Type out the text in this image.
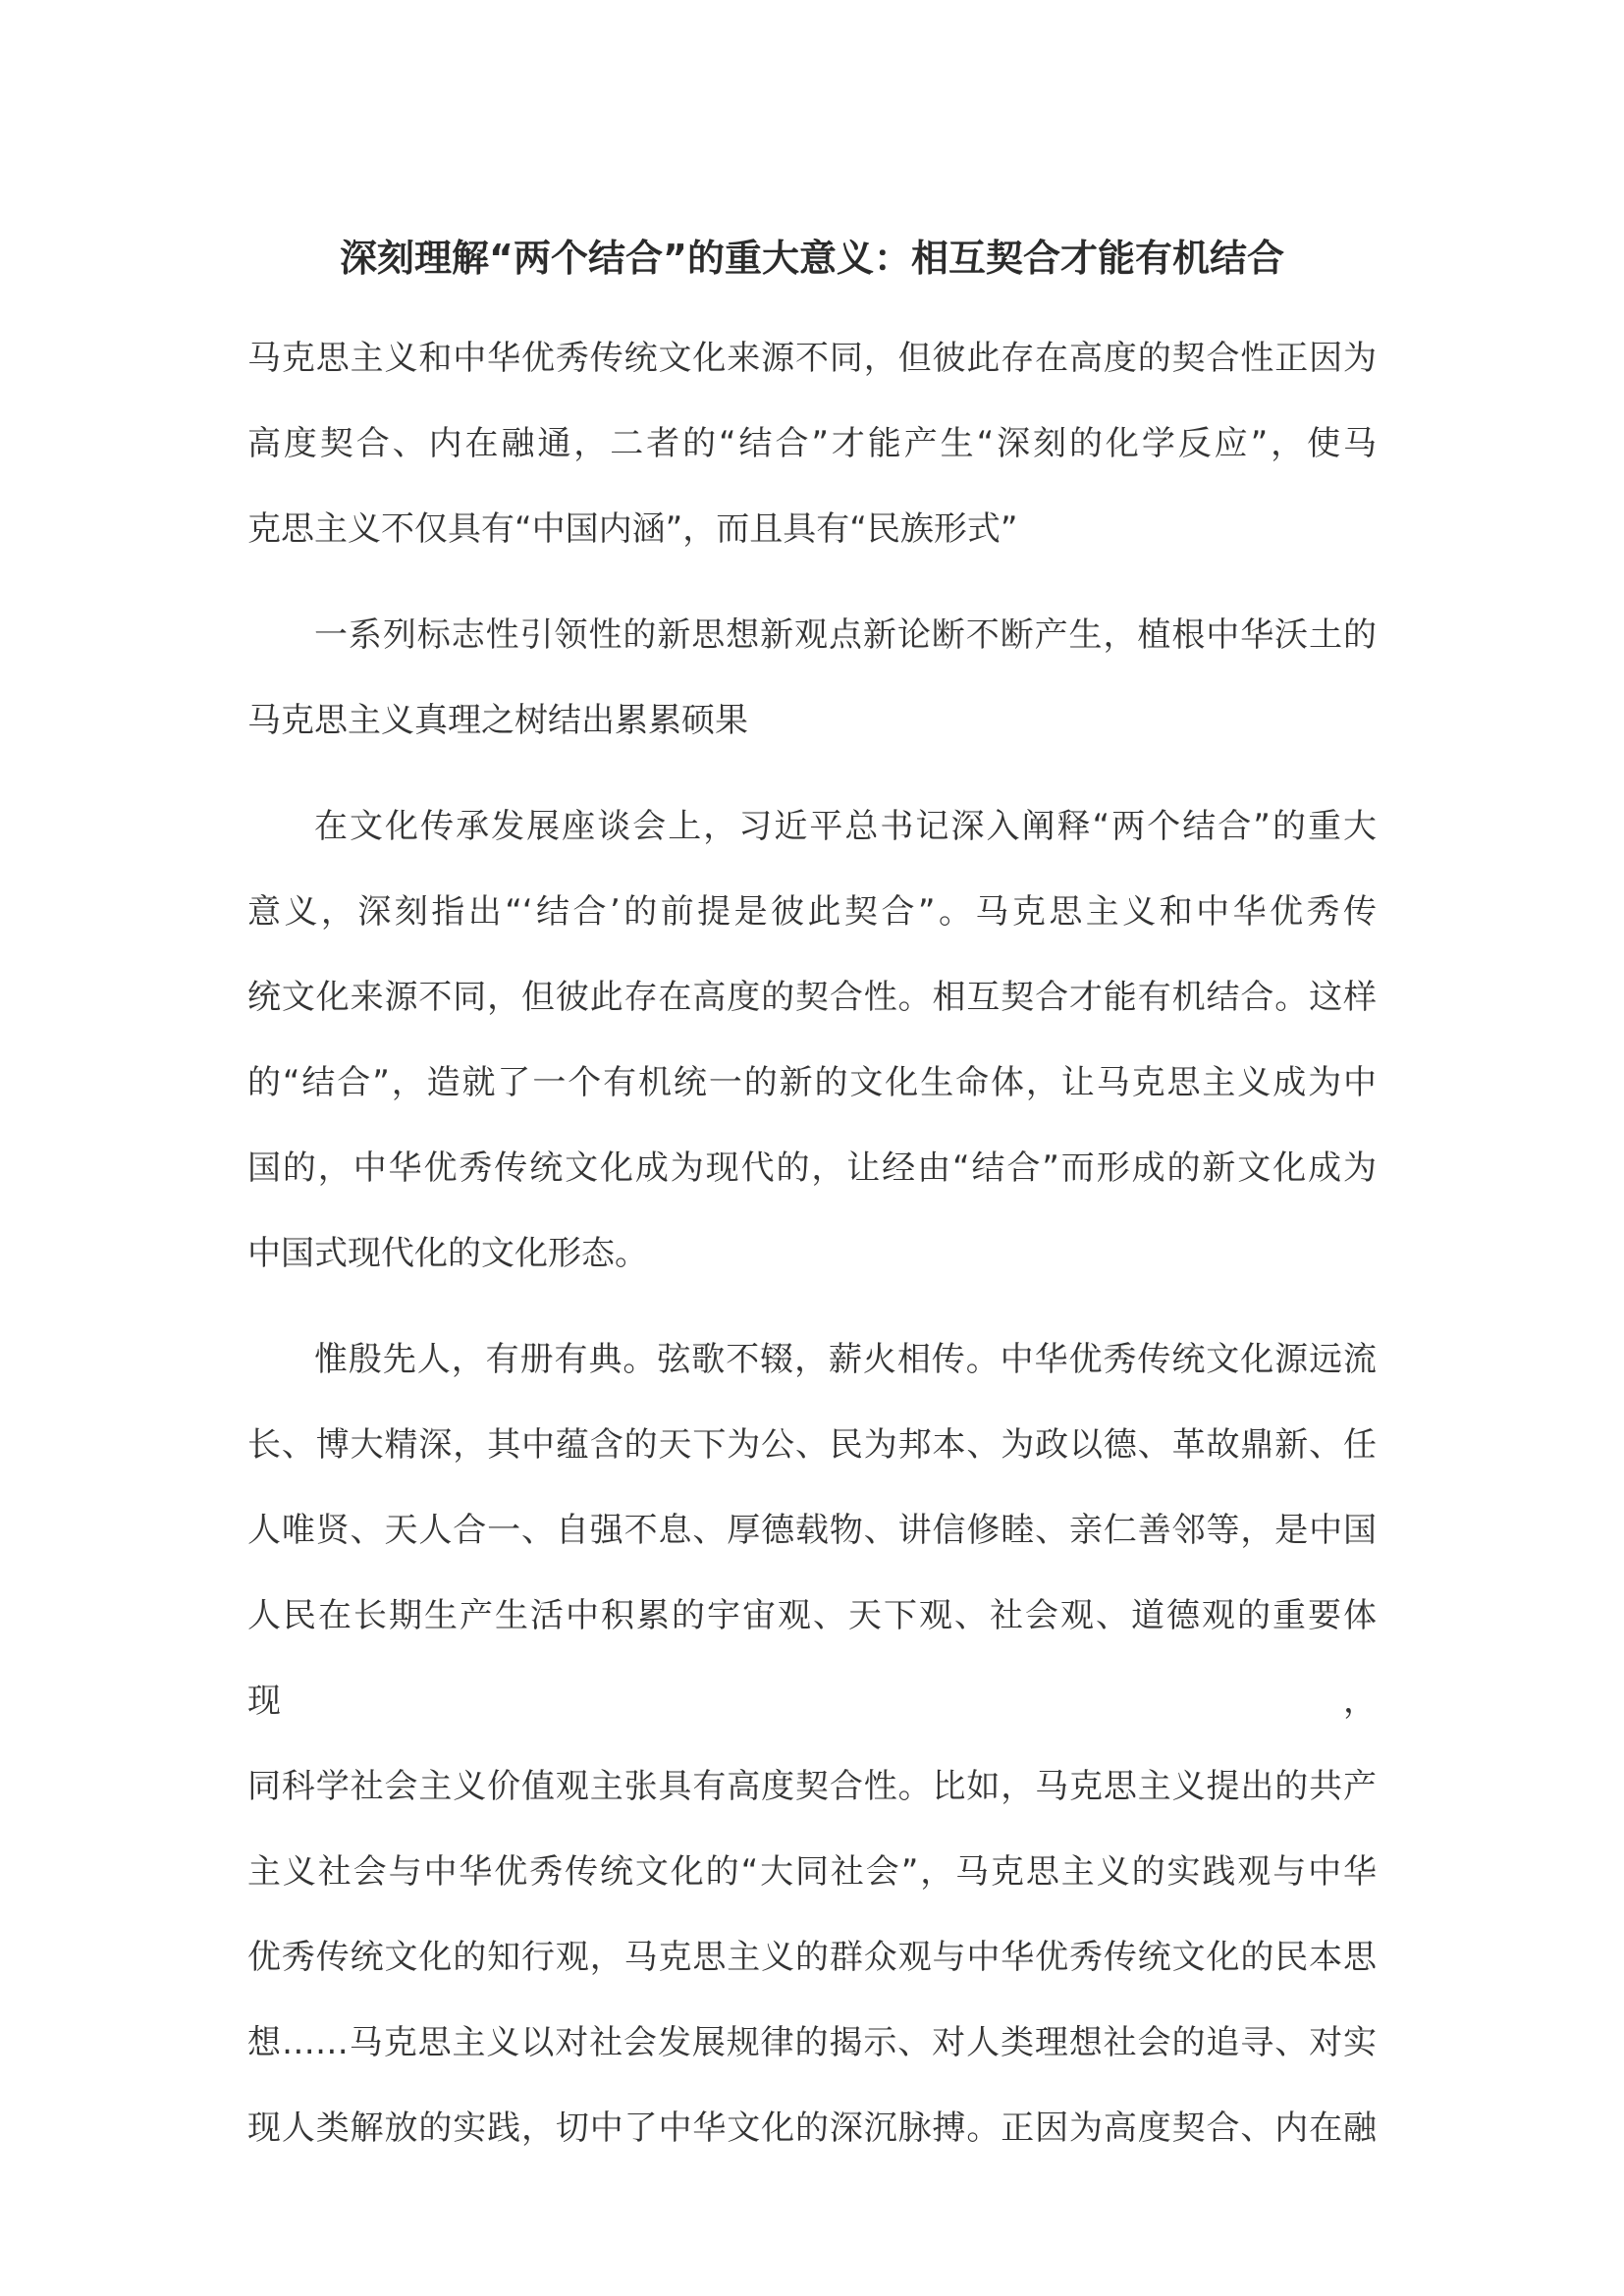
深刻理解“两个结合”的重大意义：相互契合才能有机结合
马克思主义和中华优秀传统文化来源不同，但彼此存在高度的契合性正因为
高度契合、内在融通，二者的“结合”才能产生“深刻的化学反应”，使马
克思主义不仅具有“中国内涵”，而且具有“民族形式”
一系列标志性引领性的新思想新观点新论断不断产生，植根中华沃土的
马克思主义真理之树结出累累硕果
在文化传承发展座谈会上，习近平总书记深入阐释“两个结合”的重大
意义，深刻指出“‘结合’的前提是彼此契合”。马克思主义和中华优秀传
统文化来源不同，但彼此存在高度的契合性。相互契合才能有机结合。这样
的“结合”，造就了一个有机统一的新的文化生命体，让马克思主义成为中
国的，中华优秀传统文化成为现代的，让经由“结合”而形成的新文化成为
中国式现代化的文化形态。
惟殷先人，有册有典。弦歌不辍，薪火相传。中华优秀传统文化源远流
长、博大精深，其中蕴含的天下为公、民为邦本、为政以德、革故鼎新、任
人唯贤、天人合一、自强不息、厚德载物、讲信修睦、亲仁善邻等，是中国
人民在长期生产生活中积累的宇宙观、天下观、社会观、道德观的重要体现，
同科学社会主义价值观主张具有高度契合性。比如，马克思主义提出的共产
主义社会与中华优秀传统文化的“大同社会”，马克思主义的实践观与中华
优秀传统文化的知行观，马克思主义的群众观与中华优秀传统文化的民本思
想……马克思主义以对社会发展规律的揭示、对人类理想社会的追寻、对实
现人类解放的实践，切中了中华文化的深沉脉搏。正因为高度契合、内在融
